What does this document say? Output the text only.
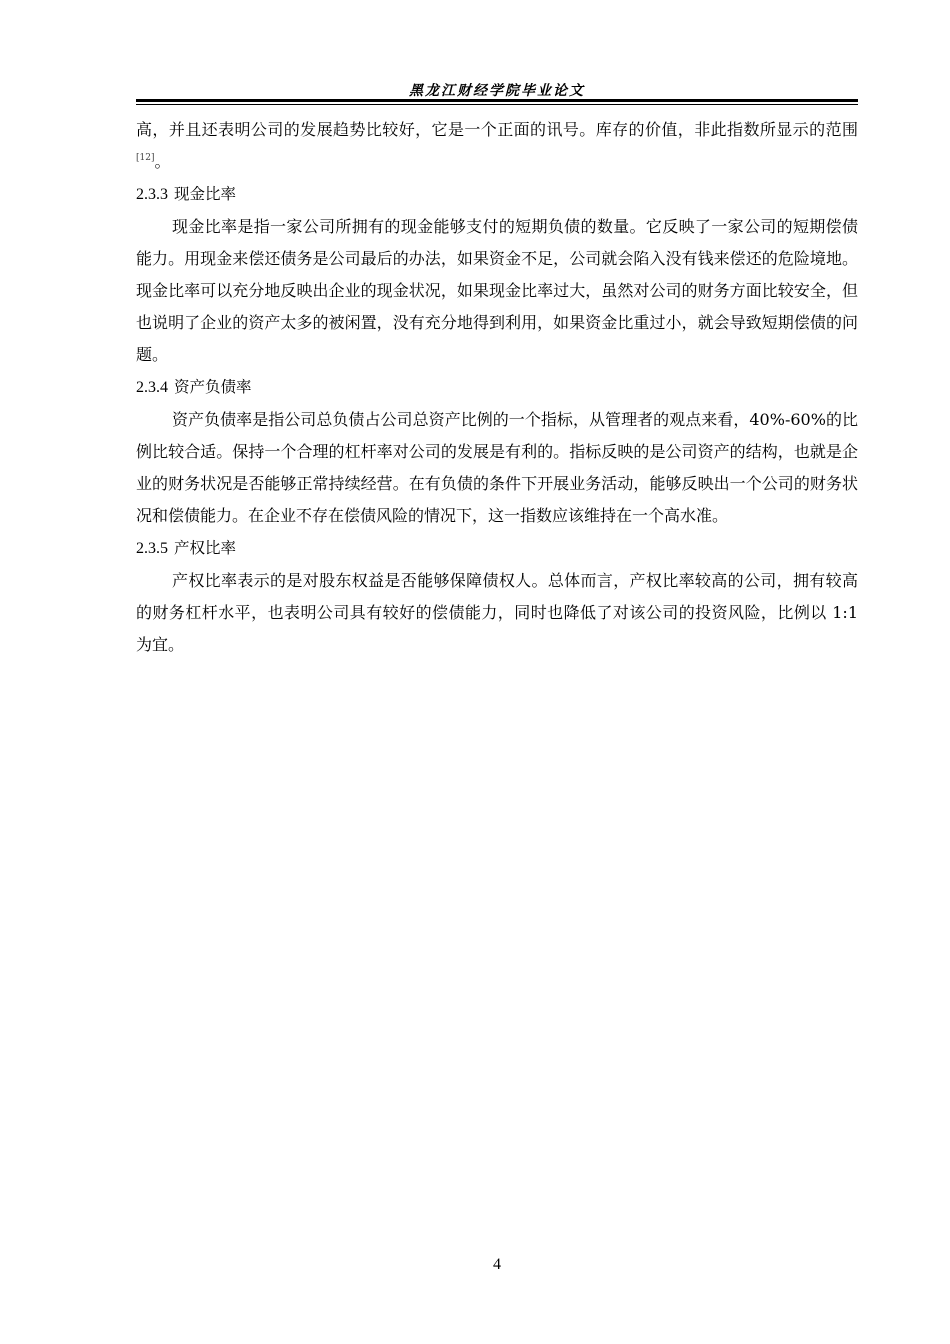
黑龙江财经学院毕业论文

高，并且还表明公司的发展趋势比较好，它是一个正面的讯号。库存的价值，非此指数所显示的范围[12]。

2.3.3 现金比率

现金比率是指一家公司所拥有的现金能够支付的短期负债的数量。它反映了一家公司的短期偿债能力。用现金来偿还债务是公司最后的办法，如果资金不足，公司就会陷入没有钱来偿还的危险境地。现金比率可以充分地反映出企业的现金状况，如果现金比率过大，虽然对公司的财务方面比较安全，但也说明了企业的资产太多的被闲置，没有充分地得到利用，如果资金比重过小，就会导致短期偿债的问题。

2.3.4 资产负债率

资产负债率是指公司总负债占公司总资产比例的一个指标，从管理者的观点来看，40%-60%的比例比较合适。保持一个合理的杠杆率对公司的发展是有利的。指标反映的是公司资产的结构，也就是企业的财务状况是否能够正常持续经营。在有负债的条件下开展业务活动，能够反映出一个公司的财务状况和偿债能力。在企业不存在偿债风险的情况下，这一指数应该维持在一个高水准。

2.3.5 产权比率

产权比率表示的是对股东权益是否能够保障债权人。总体而言，产权比率较高的公司，拥有较高的财务杠杆水平，也表明公司具有较好的偿债能力，同时也降低了对该公司的投资风险，比例以 1:1 为宜。

4
